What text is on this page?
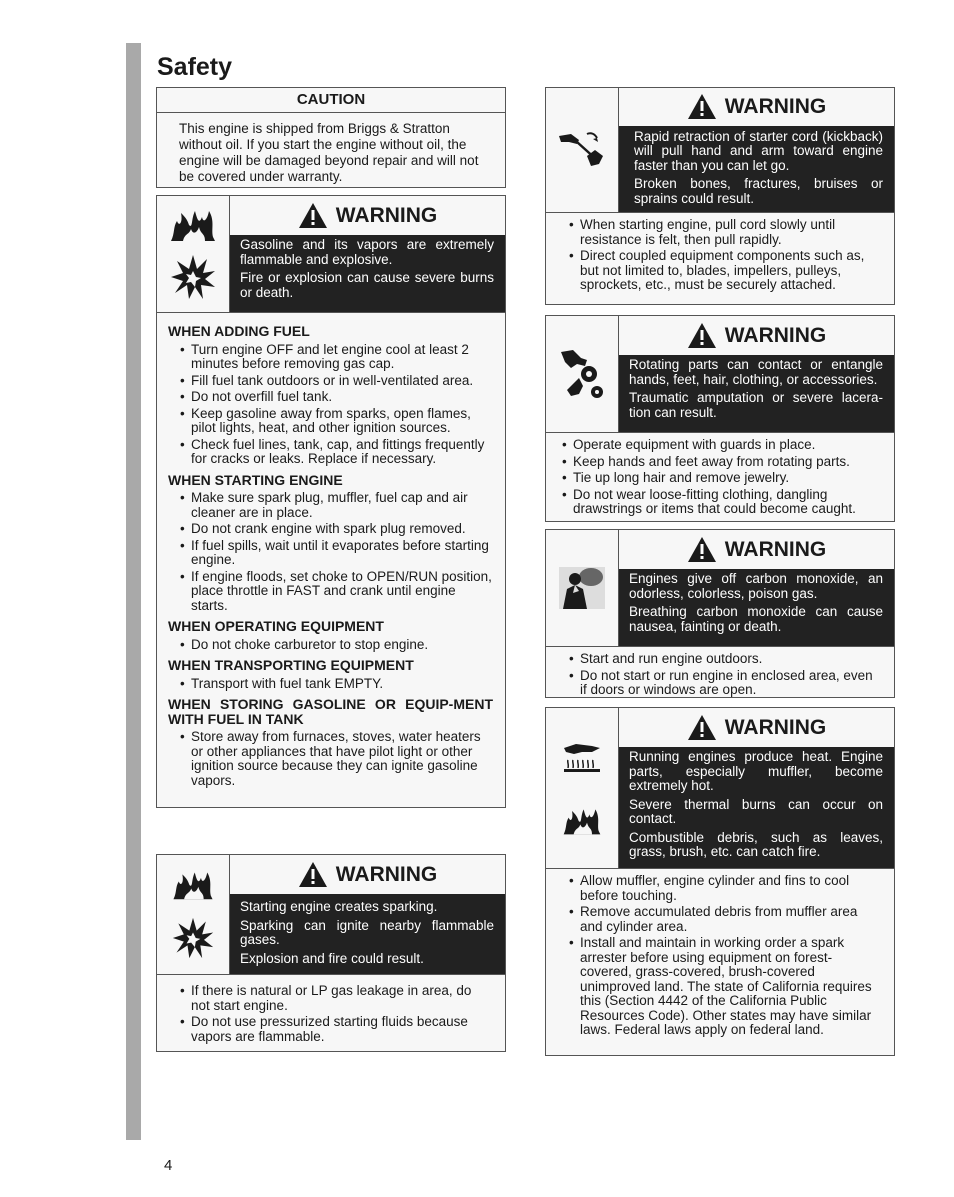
Safety
CAUTION
This engine is shipped from Briggs & Stratton without oil. If you start the engine without oil, the engine will be damaged beyond repair and will not be covered under warranty.
WARNING

Gasoline and its vapors are extremely flammable and explosive.

Fire or explosion can cause severe burns or death.

WHEN ADDING FUEL
• Turn engine OFF and let engine cool at least 2 minutes before removing gas cap.
• Fill fuel tank outdoors or in well-ventilated area.
• Do not overfill fuel tank.
• Keep gasoline away from sparks, open flames, pilot lights, heat, and other ignition sources.
• Check fuel lines, tank, cap, and fittings frequently for cracks or leaks. Replace if necessary.
WHEN STARTING ENGINE
• Make sure spark plug, muffler, fuel cap and air cleaner are in place.
• Do not crank engine with spark plug removed.
• If fuel spills, wait until it evaporates before starting engine.
• If engine floods, set choke to OPEN/RUN position, place throttle in FAST and crank until engine starts.
WHEN OPERATING EQUIPMENT
• Do not choke carburetor to stop engine.
WHEN TRANSPORTING EQUIPMENT
• Transport with fuel tank EMPTY.
WHEN STORING GASOLINE OR EQUIP-MENT WITH FUEL IN TANK
• Store away from furnaces, stoves, water heaters or other appliances that have pilot light or other ignition source because they can ignite gasoline vapors.
WARNING

Starting engine creates sparking.

Sparking can ignite nearby flammable gases.

Explosion and fire could result.

• If there is natural or LP gas leakage in area, do not start engine.
• Do not use pressurized starting fluids because vapors are flammable.
WARNING

Rapid retraction of starter cord (kickback) will pull hand and arm toward engine faster than you can let go.

Broken bones, fractures, bruises or sprains could result.

• When starting engine, pull cord slowly until resistance is felt, then pull rapidly.
• Direct coupled equipment components such as, but not limited to, blades, impellers, pulleys, sprockets, etc., must be securely attached.
WARNING

Rotating parts can contact or entangle hands, feet, hair, clothing, or accessories.

Traumatic amputation or severe lacera-tion can result.

• Operate equipment with guards in place.
• Keep hands and feet away from rotating parts.
• Tie up long hair and remove jewelry.
• Do not wear loose-fitting clothing, dangling drawstrings or items that could become caught.
WARNING

Engines give off carbon monoxide, an odorless, colorless, poison gas.

Breathing carbon monoxide can cause nausea, fainting or death.

• Start and run engine outdoors.
• Do not start or run engine in enclosed area, even if doors or windows are open.
WARNING

Running engines produce heat. Engine parts, especially muffler, become extremely hot.

Severe thermal burns can occur on contact.

Combustible debris, such as leaves, grass, brush, etc. can catch fire.

• Allow muffler, engine cylinder and fins to cool before touching.
• Remove accumulated debris from muffler area and cylinder area.
• Install and maintain in working order a spark arrester before using equipment on forest-covered, grass-covered, brush-covered unimproved land. The state of California requires this (Section 4442 of the California Public Resources Code). Other states may have similar laws. Federal laws apply on federal land.
4
